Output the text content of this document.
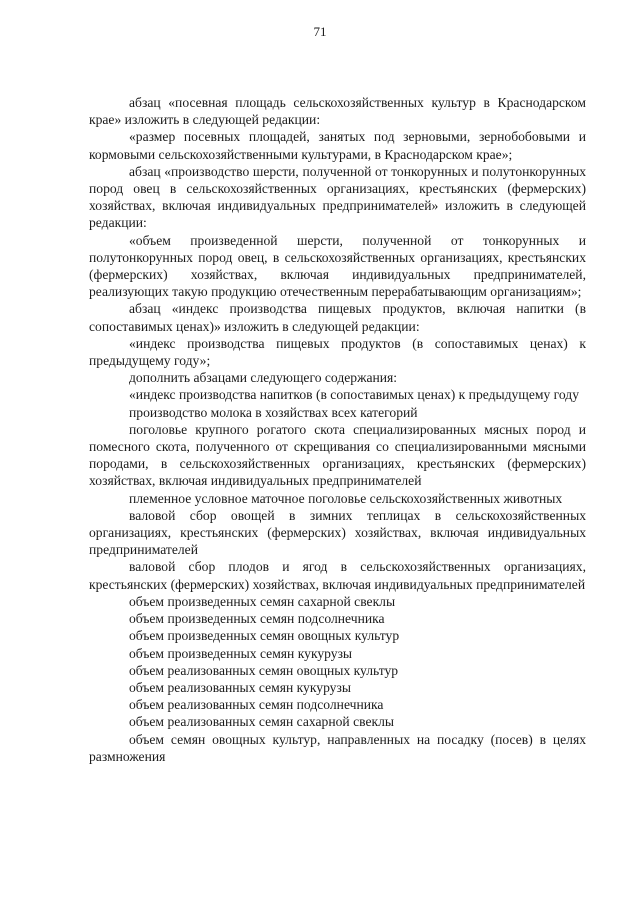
71

абзац «посевная площадь сельскохозяйственных культур в Краснодарском крае» изложить в следующей редакции:

«размер посевных площадей, занятых под зерновыми, зернобобовыми и кормовыми сельскохозяйственными культурами, в Краснодарском крае»;

абзац «производство шерсти, полученной от тонкорунных и полутонкорунных пород овец в сельскохозяйственных организациях, крестьянских (фермерских) хозяйствах, включая индивидуальных предпринимателей» изложить в следующей редакции:

«объем произведенной шерсти, полученной от тонкорунных и полутонкорунных пород овец, в сельскохозяйственных организациях, крестьянских (фермерских) хозяйствах, включая индивидуальных предпринимателей, реализующих такую продукцию отечественным перерабатывающим организациям»;

абзац «индекс производства пищевых продуктов, включая напитки (в сопоставимых ценах)» изложить в следующей редакции:

«индекс производства пищевых продуктов (в сопоставимых ценах) к предыдущему году»;

дополнить абзацами следующего содержания:

«индекс производства напитков (в сопоставимых ценах) к предыдущему году

производство молока в хозяйствах всех категорий

поголовье крупного рогатого скота специализированных мясных пород и помесного скота, полученного от скрещивания со специализированными мясными породами, в сельскохозяйственных организациях, крестьянских (фермерских) хозяйствах, включая индивидуальных предпринимателей

племенное условное маточное поголовье сельскохозяйственных животных

валовой сбор овощей в зимних теплицах в сельскохозяйственных организациях, крестьянских (фермерских) хозяйствах, включая индивидуальных предпринимателей

валовой сбор плодов и ягод в сельскохозяйственных организациях, крестьянских (фермерских) хозяйствах, включая индивидуальных предпринимателей

объем произведенных семян сахарной свеклы

объем произведенных семян подсолнечника

объем произведенных семян овощных культур

объем произведенных семян кукурузы

объем реализованных семян овощных культур

объем реализованных семян кукурузы

объем реализованных семян подсолнечника

объем реализованных семян сахарной свеклы

объем семян овощных культур, направленных на посадку (посев) в целях размножения
